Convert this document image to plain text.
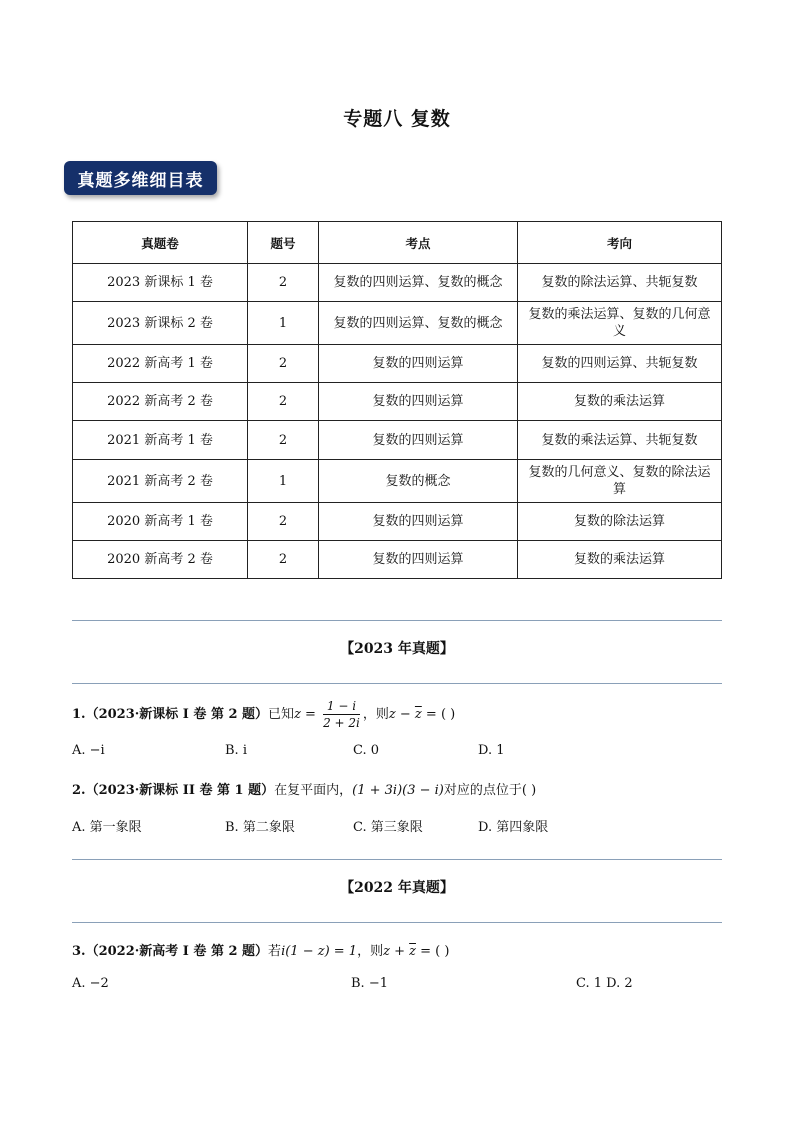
专题八 复数
真题多维细目表
真题卷	题号	考点	考向
2023 新课标 1 卷	2	复数的四则运算、复数的概念	复数的除法运算、共轭复数
2023 新课标 2 卷	1	复数的四则运算、复数的概念	复数的乘法运算、复数的几何意义
2022 新高考 1 卷	2	复数的四则运算	复数的四则运算、共轭复数
2022 新高考 2 卷	2	复数的四则运算	复数的乘法运算
2021 新高考 1 卷	2	复数的四则运算	复数的乘法运算、共轭复数
2021 新高考 2 卷	1	复数的概念	复数的几何意义、复数的除法运算
2020 新高考 1 卷	2	复数的四则运算	复数的除法运算
2020 新高考 2 卷	2	复数的四则运算	复数的乘法运算
【2023 年真题】
1.（2023·新课标 I 卷 第 2 题）已知$z = \frac{1 - i}{2 + 2i}$ ，则$z - \overline{z}$ = ( )
A. −i	B. i	C. 0	D. 1
2.（2023·新课标 II 卷 第 1 题）在复平面内，(1 + 3i)(3 − i)对应的点位于( )
A. 第一象限	B. 第二象限	C. 第三象限	D. 第四象限
【2022 年真题】
3.（2022·新高考 I 卷 第 2 题）若i(1 − z) = 1，则$z + \overline{z}$ = ( )
A. −2	B. −1	C. 1 D. 2
